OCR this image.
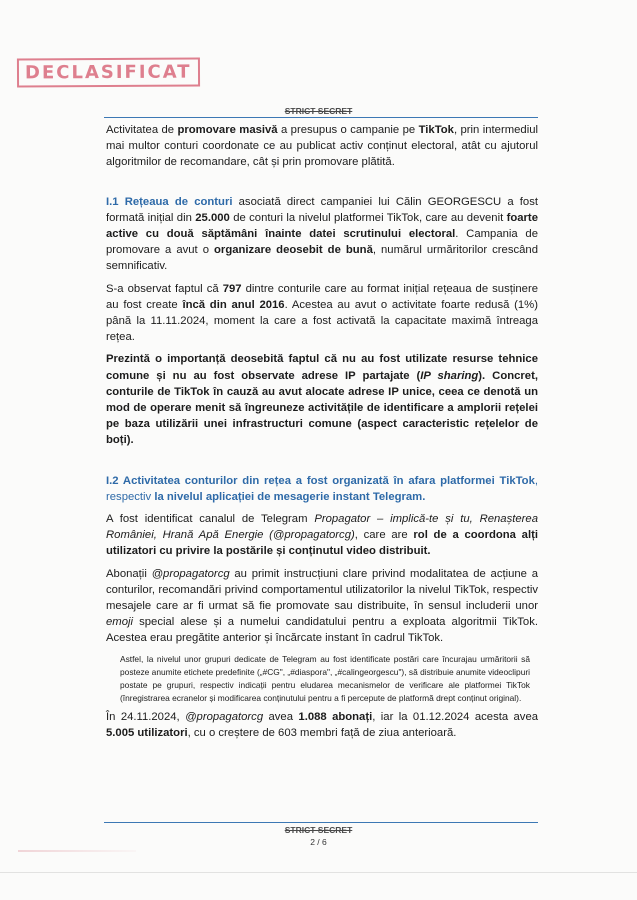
DECLASIFICAT
STRICT SECRET

Activitatea de promovare masivă a presupus o campanie pe TikTok, prin intermediul mai multor conturi coordonate ce au publicat activ conținut electoral, atât cu ajutorul algoritmilor de recomandare, cât și prin promovare plătită.

I.1 Rețeaua de conturi asociată direct campaniei lui Călin GEORGESCU a fost formată inițial din 25.000 de conturi la nivelul platformei TikTok, care au devenit foarte active cu două săptămâni înainte datei scrutinului electoral. Campania de promovare a avut o organizare deosebit de bună, numărul urmăritorilor crescând semnificativ.

S-a observat faptul că 797 dintre conturile care au format inițial rețeaua de susținere au fost create încă din anul 2016. Acestea au avut o activitate foarte redusă (1%) până la 11.11.2024, moment la care a fost activată la capacitate maximă întreaga rețea.

Prezintă o importanță deosebită faptul că nu au fost utilizate resurse tehnice comune și nu au fost observate adrese IP partajate (IP sharing). Concret, conturile de TikTok în cauză au avut alocate adrese IP unice, ceea ce denotă un mod de operare menit să îngreuneze activitățile de identificare a amplorii rețelei pe baza utilizării unei infrastructuri comune (aspect caracteristic rețelelor de boți).

I.2 Activitatea conturilor din rețea a fost organizată în afara platformei TikTok, respectiv la nivelul aplicației de mesagerie instant Telegram.

A fost identificat canalul de Telegram Propagator – implică-te și tu, Renașterea României, Hrană Apă Energie (@propagatorcg), care are rol de a coordona alți utilizatori cu privire la postările și conținutul video distribuit.

Abonații @propagatorcg au primit instrucțiuni clare privind modalitatea de acțiune a conturilor, recomandări privind comportamentul utilizatorilor la nivelul TikTok, respectiv mesajele care ar fi urmat să fie promovate sau distribuite, în sensul includerii unor emoji special alese și a numelui candidatului pentru a exploata algoritmii TikTok. Acestea erau pregătite anterior și încărcate instant în cadrul TikTok.

Astfel, la nivelul unor grupuri dedicate de Telegram au fost identificate postări care încurajau urmăritorii să posteze anumite etichete predefinite („#CG", „#diaspora", „#calingeorgescu"), să distribuie anumite videoclipuri postate pe grupuri, respectiv indicații pentru eludarea mecanismelor de verificare ale platformei TikTok (înregistrarea ecranelor și modificarea conținutului pentru a fi percepute de platformă drept conținut original).

În 24.11.2024, @propagatorcg avea 1.088 abonați, iar la 01.12.2024 acesta avea 5.005 utilizatori, cu o creștere de 603 membri față de ziua anterioară.

STRICT SECRET
2 / 6
